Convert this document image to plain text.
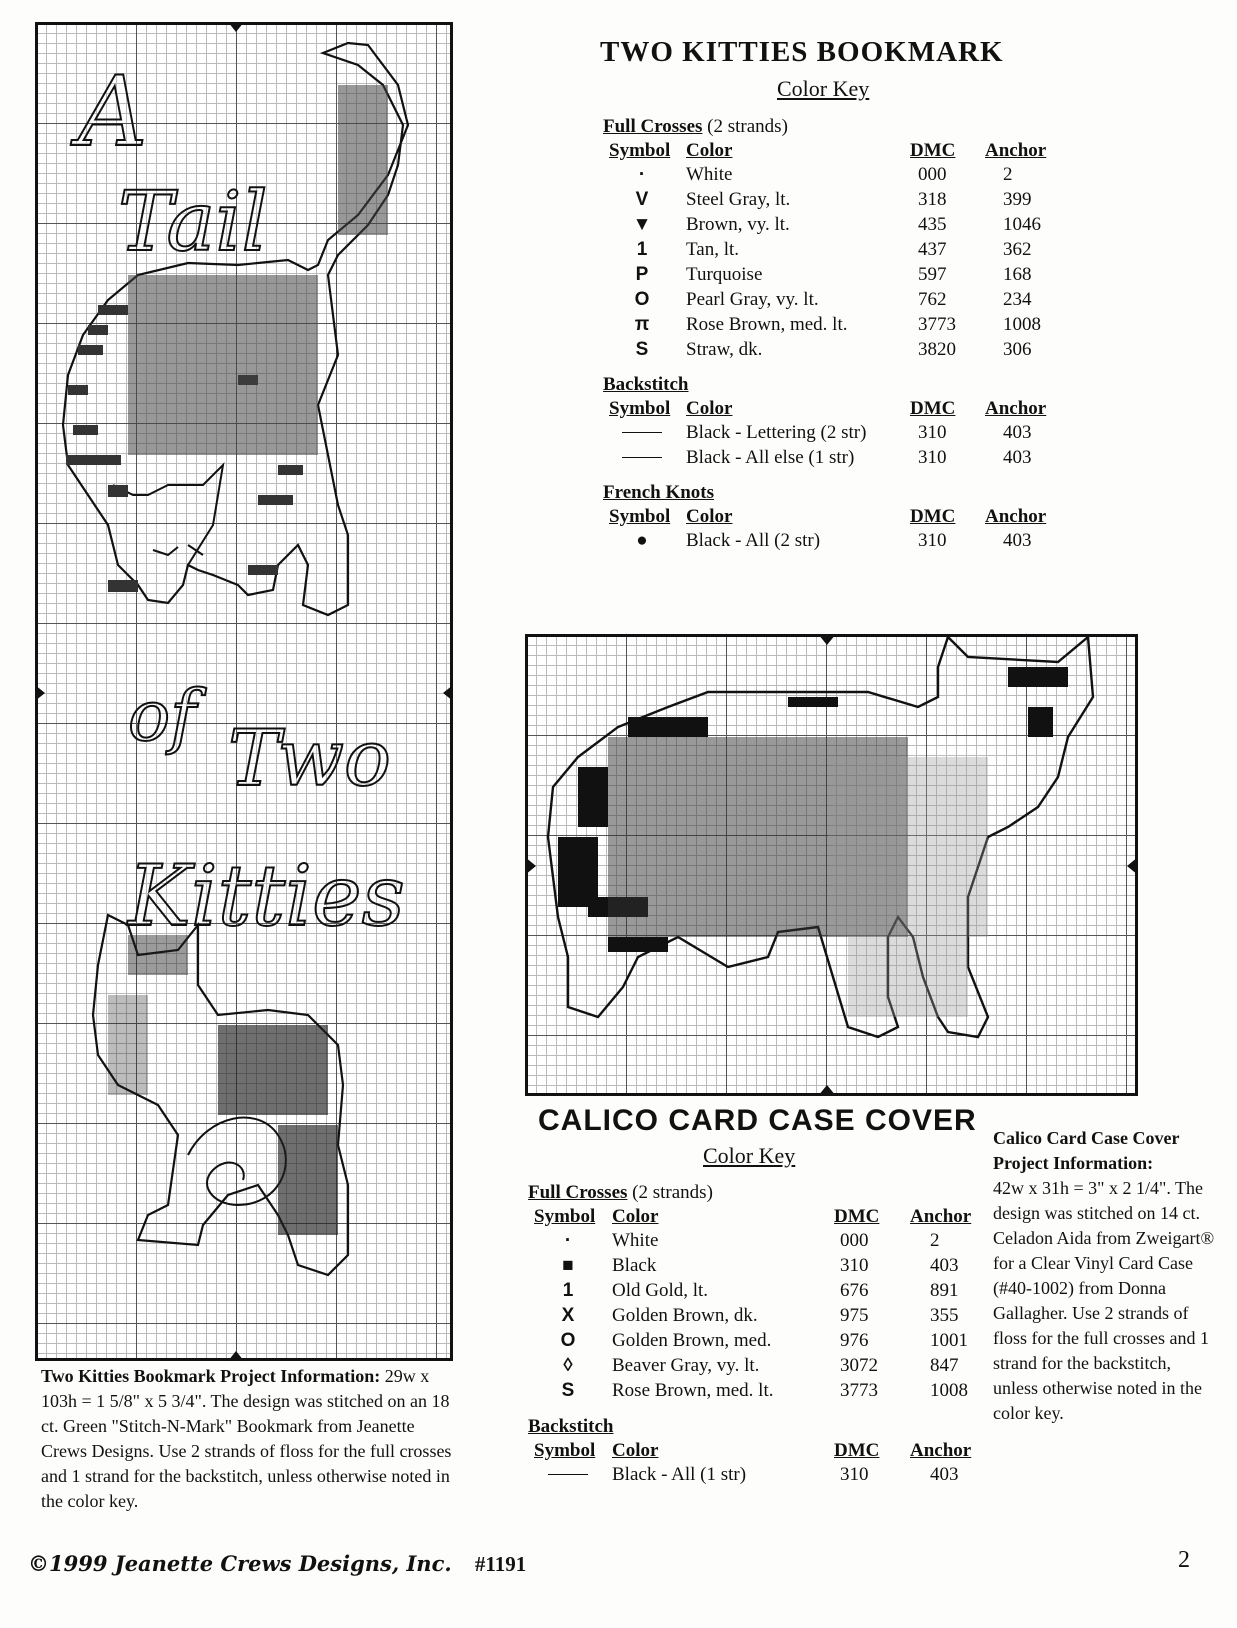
A
Tail
of Two
Kitties
TWO KITTIES BOOKMARK
Color Key
Full Crosses (2 strands)
Symbol Color	DMC Anchor
·	White	000	2
V Steel Gray, lt.	318	399
▼ Brown, vy. lt.	435	1046
1	Tan, lt.	437	362
P Turquoise	597	168
O Pearl Gray, vy. lt.	762	234
π Rose Brown, med. lt.	3773 1008
S Straw, dk.	3820 306
Backstitch
Symbol Color	DMC Anchor
Black - Lettering (2 str)	310	403
Black - All else (1 str)	310	403
French Knots
Symbol Color	DMC Anchor
●	Black - All (2 str)	310	403
CALICO CARD CASE COVER
Color Key
Full Crosses (2 strands)
Symbol Color	DMC Anchor
·	White	000	2
■	Black	310	403
1	Old Gold, lt.	676	891
X Golden Brown, dk.	975	355
O Golden Brown, med.	976	1001
◊	Beaver Gray, vy. lt.	3072	847
S Rose Brown, med. lt.	3773	1008
Backstitch
Symbol Color	DMC Anchor
Black - All (1 str)	310	403
Calico Card Case Cover Project Information:
42w x 31h = 3" x 2 1/4". The design was stitched on 14 ct. Celadon Aida from Zweigart® for a Clear Vinyl Card Case (#40-1002) from Donna Gallagher. Use 2 strands of floss for the full crosses and 1 strand for the backstitch, unless otherwise noted in the color key.
Two Kitties Bookmark Project Information: 29w x 103h = 1 5/8" x 5 3/4". The design was stitched on an 18 ct. Green "Stitch-N-Mark" Bookmark from Jeanette Crews Designs. Use 2 strands of floss for the full crosses and 1 strand for the backstitch, unless otherwise noted in the color key.
©1999 Jeanette Crews Designs, Inc. #1191	2
